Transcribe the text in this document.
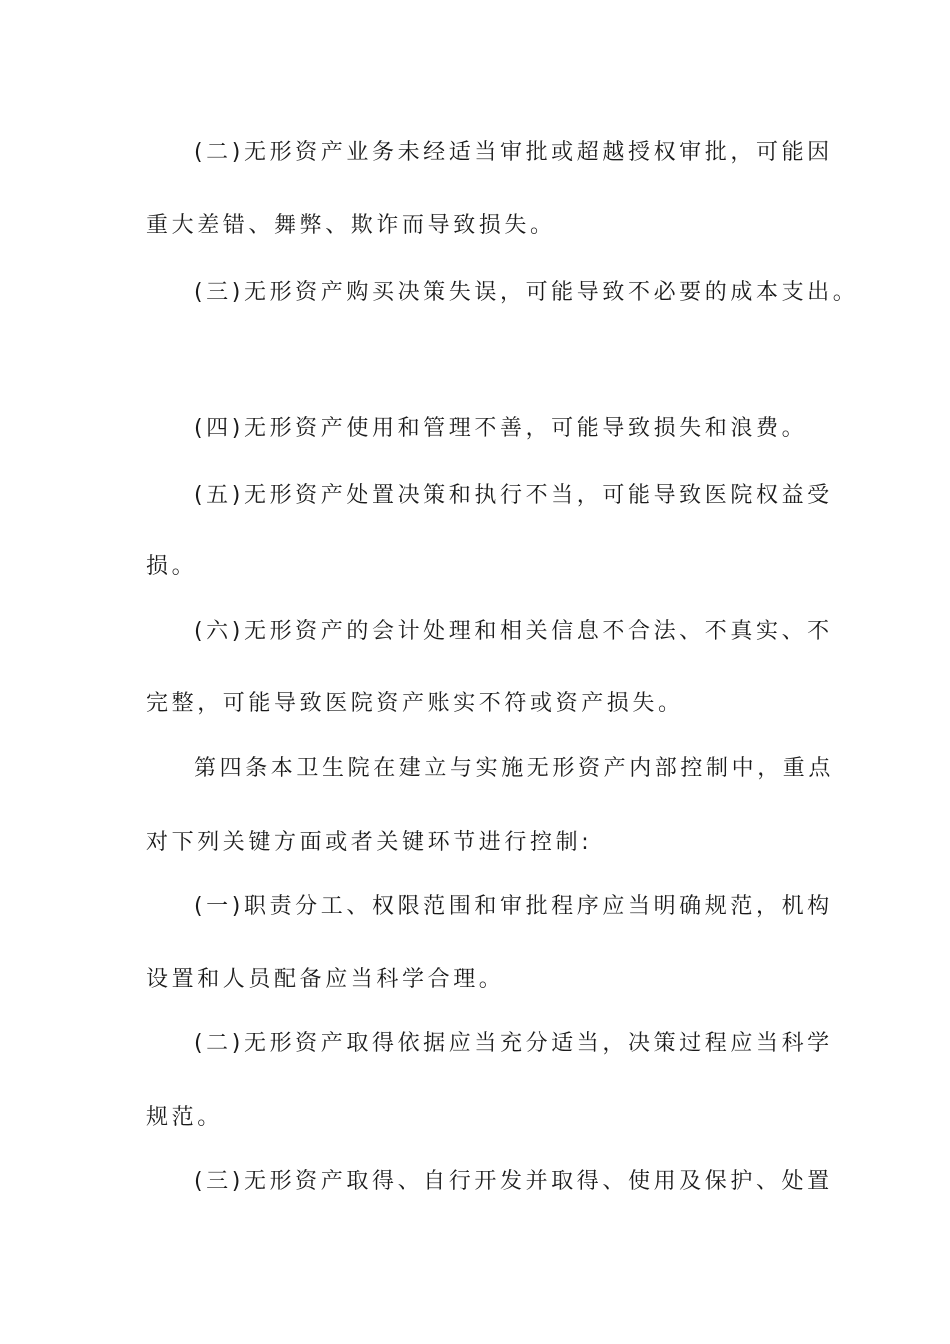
(二)无形资产业务未经适当审批或超越授权审批，可能因
重大差错、舞弊、欺诈而导致损失。
(三)无形资产购买决策失误，可能导致不必要的成本支出。
(四)无形资产使用和管理不善，可能导致损失和浪费。
(五)无形资产处置决策和执行不当，可能导致医院权益受
损。
(六)无形资产的会计处理和相关信息不合法、不真实、不
完整，可能导致医院资产账实不符或资产损失。
第四条本卫生院在建立与实施无形资产内部控制中，重点
对下列关键方面或者关键环节进行控制:
(一)职责分工、权限范围和审批程序应当明确规范，机构
设置和人员配备应当科学合理。
(二)无形资产取得依据应当充分适当，决策过程应当科学
规范。
(三)无形资产取得、自行开发并取得、使用及保护、处置
